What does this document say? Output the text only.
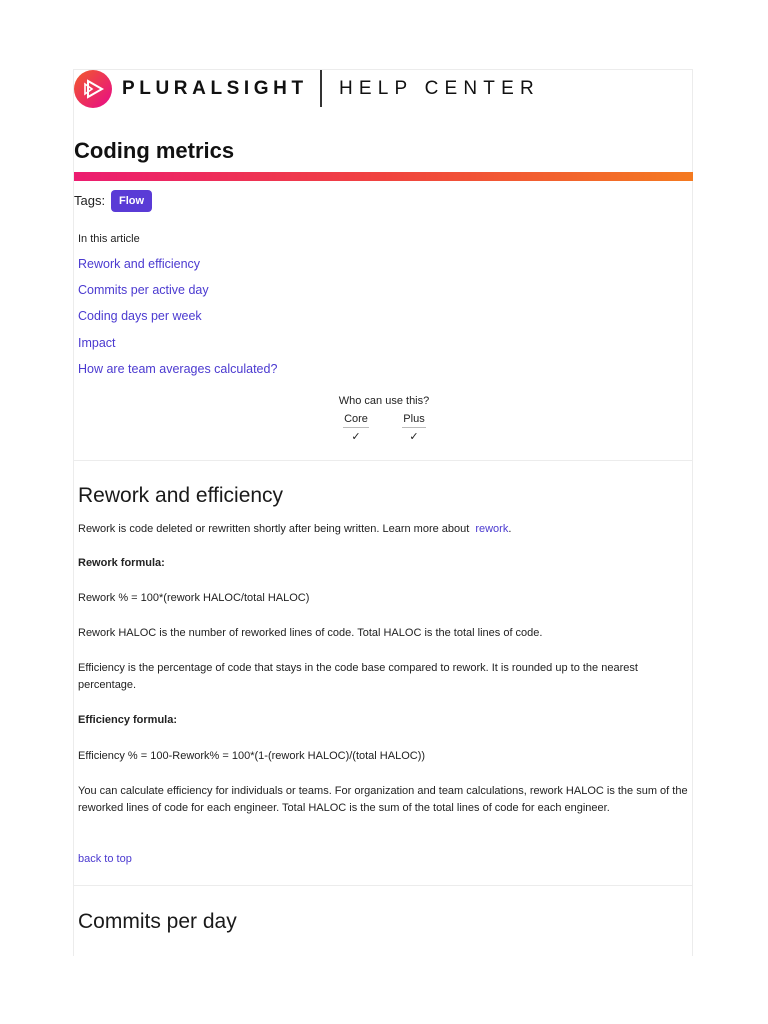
PLURALSIGHT HELP CENTER
Coding metrics
Tags:	Flow
In this article
Rework and efficiency
Commits per active day
Coding days per week
Impact
How are team averages calculated?
Who can use this?
Core	Plus
✓	✓
Rework and efficiency
Rework is code deleted or rewritten shortly after being written. Learn more about rework.
Rework formula:
Rework % = 100*(rework HALOC/total HALOC)
Rework HALOC is the number of reworked lines of code. Total HALOC is the total lines of code.
Efficiency is the percentage of code that stays in the code base compared to rework. It is rounded up to the nearest percentage.
Efficiency formula:
Efficiency % = 100-Rework% = 100*(1-(rework HALOC)/(total HALOC))
You can calculate efficiency for individuals or teams. For organization and team calculations, rework HALOC is the sum of the reworked lines of code for each engineer. Total HALOC is the sum of the total lines of code for each engineer.
back to top
Commits per day
